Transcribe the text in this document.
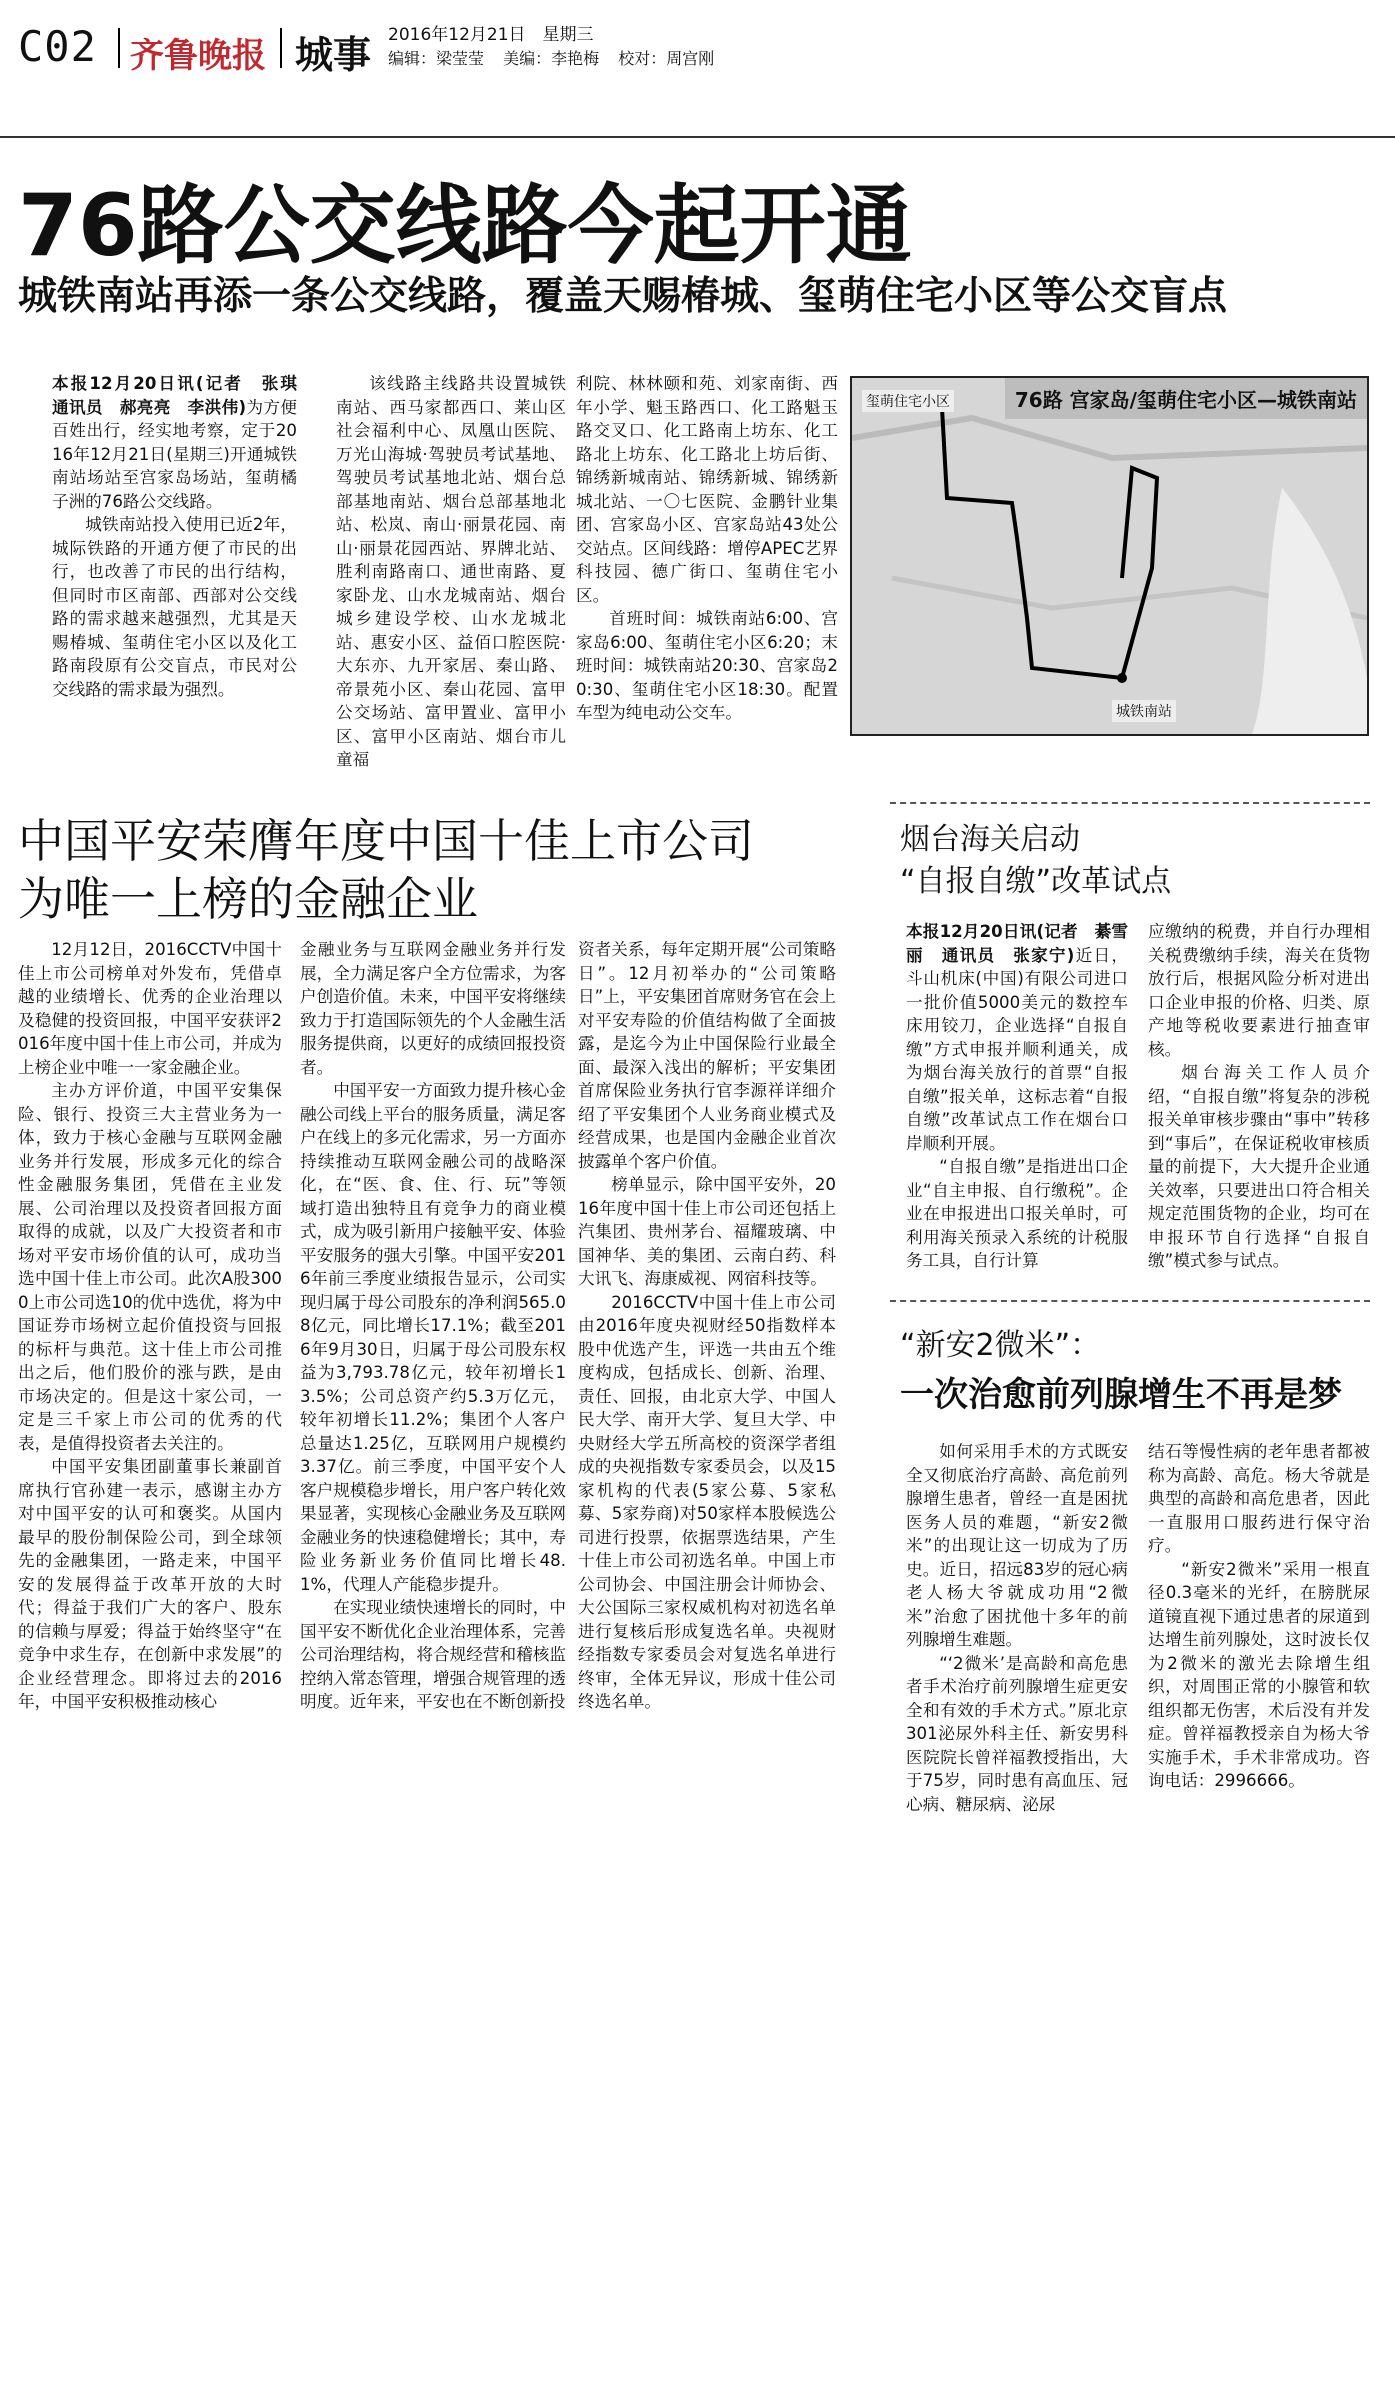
C02 齐鲁晚报 城事 2016年12月21日　星期三
编辑：梁莹莹 美编：李艳梅 校对：周宫刚
76路公交线路今起开通
城铁南站再添一条公交线路，覆盖天赐椿城、玺萌住宅小区等公交盲点

本报12月20日讯(记者　张琪　通讯员　郝亮亮　李洪伟)为方便百姓出行，经实地考察，定于2016年12月21日(星期三)开通城铁南站场站至宫家岛场站，玺萌橘子洲的76路公交线路。

城铁南站投入使用已近2年，城际铁路的开通方便了市民的出行，也改善了市民的出行结构，但同时市区南部、西部对公交线路的需求越来越强烈，尤其是天赐椿城、玺萌住宅小区以及化工路南段原有公交盲点，市民对公交线路的需求最为强烈。

该线路主线路共设置城铁南站、西马家都西口、莱山区社会福利中心、凤凰山医院、万光山海城·驾驶员考试基地、驾驶员考试基地北站、烟台总部基地南站、烟台总部基地北站、松岚、南山·丽景花园、南山·丽景花园西站、界牌北站、胜利南路南口、通世南路、夏家卧龙、山水龙城南站、烟台城乡建设学校、山水龙城北站、惠安小区、益佰口腔医院·大东亦、九开家居、秦山路、帝景苑小区、秦山花园、富甲公交场站、富甲置业、富甲小区、富甲小区南站、烟台市儿童福

利院、林林颐和苑、刘家南街、西年小学、魁玉路西口、化工路魁玉路交叉口、化工路南上坊东、化工路北上坊东、化工路北上坊后街、锦绣新城南站、锦绣新城、锦绣新城北站、一〇七医院、金鹏针业集团、宫家岛小区、宫家岛站43处公交站点。区间线路：增停APEC艺界科技园、德广街口、玺萌住宅小区。

首班时间：城铁南站6:00、宫家岛6:00、玺萌住宅小区6:20；末班时间：城铁南站20:30、宫家岛20:30、玺萌住宅小区18:30。配置车型为纯电动公交车。

76路 宫家岛/玺萌住宅小区—城铁南站
玺萌住宅小区
城铁南站
中国平安荣膺年度中国十佳上市公司
为唯一上榜的金融企业

12月12日，2016CCTV中国十佳上市公司榜单对外发布，凭借卓越的业绩增长、优秀的企业治理以及稳健的投资回报，中国平安获评2016年度中国十佳上市公司，并成为上榜企业中唯一一家金融企业。

主办方评价道，中国平安集保险、银行、投资三大主营业务为一体，致力于核心金融与互联网金融业务并行发展，形成多元化的综合性金融服务集团，凭借在主业发展、公司治理以及投资者回报方面取得的成就，以及广大投资者和市场对平安市场价值的认可，成功当选中国十佳上市公司。此次A股3000上市公司选10的优中选优，将为中国证券市场树立起价值投资与回报的标杆与典范。这十佳上市公司推出之后，他们股价的涨与跌，是由市场决定的。但是这十家公司，一定是三千家上市公司的优秀的代表，是值得投资者去关注的。

中国平安集团副董事长兼副首席执行官孙建一表示，感谢主办方对中国平安的认可和褒奖。从国内最早的股份制保险公司，到全球领先的金融集团，一路走来，中国平安的发展得益于改革开放的大时代；得益于我们广大的客户、股东的信赖与厚爱；得益于始终坚守“在竞争中求生存，在创新中求发展”的企业经营理念。即将过去的2016年，中国平安积极推动核心

金融业务与互联网金融业务并行发展，全力满足客户全方位需求，为客户创造价值。未来，中国平安将继续致力于打造国际领先的个人金融生活服务提供商，以更好的成绩回报投资者。

中国平安一方面致力提升核心金融公司线上平台的服务质量，满足客户在线上的多元化需求，另一方面亦持续推动互联网金融公司的战略深化，在“医、食、住、行、玩”等领域打造出独特且有竞争力的商业模式，成为吸引新用户接触平安、体验平安服务的强大引擎。中国平安2016年前三季度业绩报告显示，公司实现归属于母公司股东的净利润565.08亿元，同比增长17.1%；截至2016年9月30日，归属于母公司股东权益为3,793.78亿元，较年初增长13.5%；公司总资产约5.3万亿元，较年初增长11.2%；集团个人客户总量达1.25亿，互联网用户规模约3.37亿。前三季度，中国平安个人客户规模稳步增长，用户客户转化效果显著，实现核心金融业务及互联网金融业务的快速稳健增长；其中，寿险业务新业务价值同比增长48.1%，代理人产能稳步提升。

在实现业绩快速增长的同时，中国平安不断优化企业治理体系，完善公司治理结构，将合规经营和稽核监控纳入常态管理，增强合规管理的透明度。近年来，平安也在不断创新投

资者关系，每年定期开展“公司策略日”。12月初举办的“公司策略日”上，平安集团首席财务官在会上对平安寿险的价值结构做了全面披露，是迄今为止中国保险行业最全面、最深入浅出的解析；平安集团首席保险业务执行官李源祥详细介绍了平安集团个人业务商业模式及经营成果，也是国内金融企业首次披露单个客户价值。

榜单显示，除中国平安外，2016年度中国十佳上市公司还包括上汽集团、贵州茅台、福耀玻璃、中国神华、美的集团、云南白药、科大讯飞、海康威视、网宿科技等。

2016CCTV中国十佳上市公司由2016年度央视财经50指数样本股中优选产生，评选一共由五个维度构成，包括成长、创新、治理、责任、回报，由北京大学、中国人民大学、南开大学、复旦大学、中央财经大学五所高校的资深学者组成的央视指数专家委员会，以及15家机构的代表(5家公募、5家私募、5家券商)对50家样本股候选公司进行投票，依据票选结果，产生十佳上市公司初选名单。中国上市公司协会、中国注册会计师协会、大公国际三家权威机构对初选名单进行复核后形成复选名单。央视财经指数专家委员会对复选名单进行终审，全体无异议，形成十佳公司终选名单。

烟台海关启动
“自报自缴”改革试点

本报12月20日讯(记者　綦雪丽　通讯员　张家宁)近日，斗山机床(中国)有限公司进口一批价值5000美元的数控车床用铰刀，企业选择“自报自缴”方式申报并顺利通关，成为烟台海关放行的首票“自报自缴”报关单，这标志着“自报自缴”改革试点工作在烟台口岸顺利开展。

“自报自缴”是指进出口企业“自主申报、自行缴税”。企业在申报进出口报关单时，可利用海关预录入系统的计税服务工具，自行计算

应缴纳的税费，并自行办理相关税费缴纳手续，海关在货物放行后，根据风险分析对进出口企业申报的价格、归类、原产地等税收要素进行抽查审核。

烟台海关工作人员介绍，“自报自缴”将复杂的涉税报关单审核步骤由“事中”转移到“事后”，在保证税收审核质量的前提下，大大提升企业通关效率，只要进出口符合相关规定范围货物的企业，均可在申报环节自行选择“自报自缴”模式参与试点。

“新安2微米”：
一次治愈前列腺增生不再是梦

如何采用手术的方式既安全又彻底治疗高龄、高危前列腺增生患者，曾经一直是困扰医务人员的难题，“新安2微米”的出现让这一切成为了历史。近日，招远83岁的冠心病老人杨大爷就成功用“2微米”治愈了困扰他十多年的前列腺增生难题。

“‘2微米’是高龄和高危患者手术治疗前列腺增生症更安全和有效的手术方式。”原北京301泌尿外科主任、新安男科医院院长曾祥福教授指出，大于75岁，同时患有高血压、冠心病、糖尿病、泌尿

结石等慢性病的老年患者都被称为高龄、高危。杨大爷就是典型的高龄和高危患者，因此一直服用口服药进行保守治疗。

“新安2微米”采用一根直径0.3毫米的光纤，在膀胱尿道镜直视下通过患者的尿道到达增生前列腺处，这时波长仅为2微米的激光去除增生组织，对周围正常的小腺管和软组织都无伤害，术后没有并发症。曾祥福教授亲自为杨大爷实施手术，手术非常成功。咨询电话：2996666。
